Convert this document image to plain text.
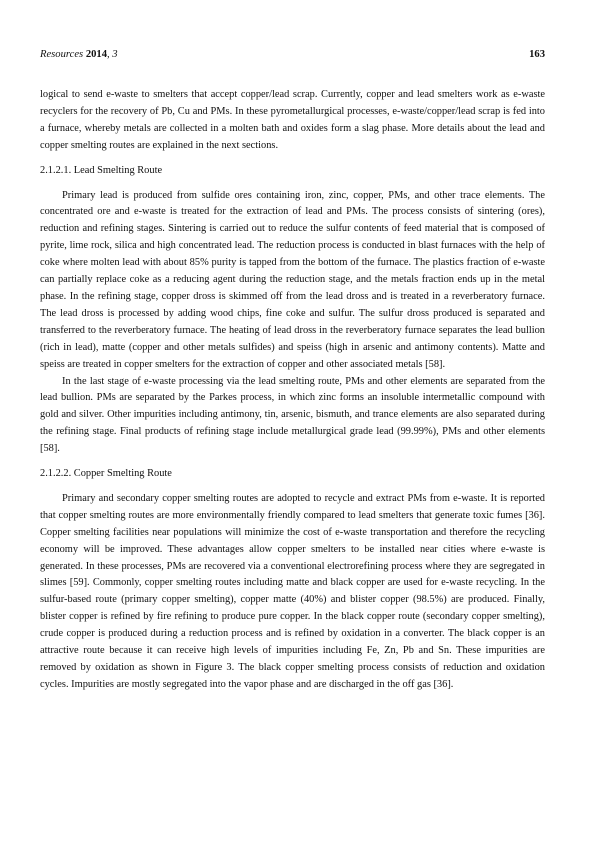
Resources 2014, 3	163

logical to send e-waste to smelters that accept copper/lead scrap. Currently, copper and lead smelters work as e-waste recyclers for the recovery of Pb, Cu and PMs. In these pyrometallurgical processes, e-waste/copper/lead scrap is fed into a furnace, whereby metals are collected in a molten bath and oxides form a slag phase. More details about the lead and copper smelting routes are explained in the next sections.

2.1.2.1. Lead Smelting Route

Primary lead is produced from sulfide ores containing iron, zinc, copper, PMs, and other trace elements. The concentrated ore and e-waste is treated for the extraction of lead and PMs. The process consists of sintering (ores), reduction and refining stages. Sintering is carried out to reduce the sulfur contents of feed material that is composed of pyrite, lime rock, silica and high concentrated lead. The reduction process is conducted in blast furnaces with the help of coke where molten lead with about 85% purity is tapped from the bottom of the furnace. The plastics fraction of e-waste can partially replace coke as a reducing agent during the reduction stage, and the metals fraction ends up in the metal phase. In the refining stage, copper dross is skimmed off from the lead dross and is treated in a reverberatory furnace. The lead dross is processed by adding wood chips, fine coke and sulfur. The sulfur dross produced is separated and transferred to the reverberatory furnace. The heating of lead dross in the reverberatory furnace separates the lead bullion (rich in lead), matte (copper and other metals sulfides) and speiss (high in arsenic and antimony contents). Matte and speiss are treated in copper smelters for the extraction of copper and other associated metals [58].

In the last stage of e-waste processing via the lead smelting route, PMs and other elements are separated from the lead bullion. PMs are separated by the Parkes process, in which zinc forms an insoluble intermetallic compound with gold and silver. Other impurities including antimony, tin, arsenic, bismuth, and trance elements are also separated during the refining stage. Final products of refining stage include metallurgical grade lead (99.99%), PMs and other elements [58].

2.1.2.2. Copper Smelting Route

Primary and secondary copper smelting routes are adopted to recycle and extract PMs from e-waste. It is reported that copper smelting routes are more environmentally friendly compared to lead smelters that generate toxic fumes [36]. Copper smelting facilities near populations will minimize the cost of e-waste transportation and therefore the recycling economy will be improved. These advantages allow copper smelters to be installed near cities where e-waste is generated. In these processes, PMs are recovered via a conventional electrorefining process where they are segregated in slimes [59]. Commonly, copper smelting routes including matte and black copper are used for e-waste recycling. In the sulfur-based route (primary copper smelting), copper matte (40%) and blister copper (98.5%) are produced. Finally, blister copper is refined by fire refining to produce pure copper. In the black copper route (secondary copper smelting), crude copper is produced during a reduction process and is refined by oxidation in a converter. The black copper is an attractive route because it can receive high levels of impurities including Fe, Zn, Pb and Sn. These impurities are removed by oxidation as shown in Figure 3. The black copper smelting process consists of reduction and oxidation cycles. Impurities are mostly segregated into the vapor phase and are discharged in the off gas [36].
